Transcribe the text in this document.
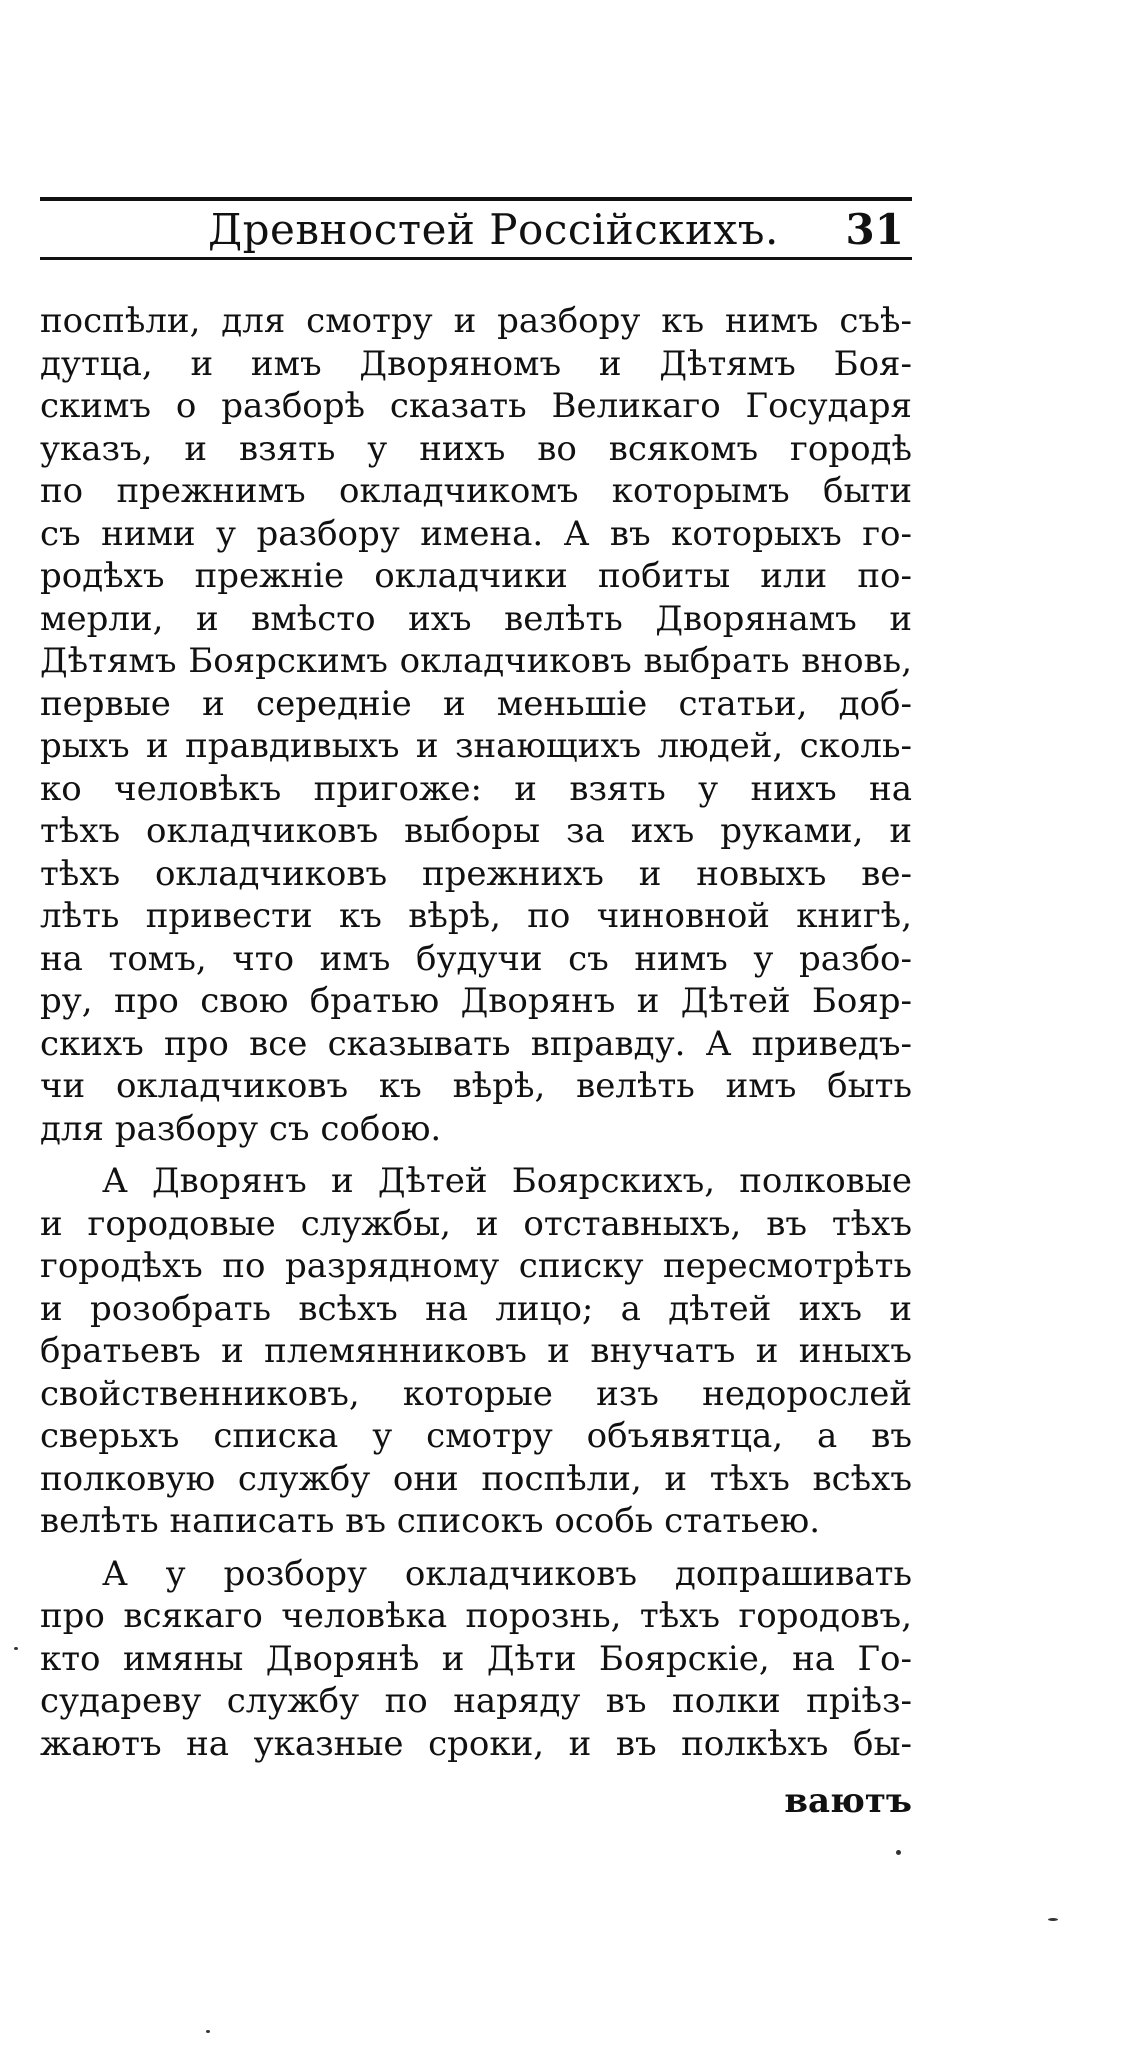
Древностей Россійскихъ. 31
поспѣли, для смотру и разбору къ нимъ съѣ-
дутца, и имъ Дворяномъ и Дѣтямъ Боя-
скимъ о разборѣ сказать Великаго Государя
указъ, и взять у нихъ во всякомъ городѣ
по прежнимъ окладчикомъ которымъ быти
съ ними у разбору имена. А въ которыхъ го-
родѣхъ прежніе окладчики побиты или по-
мерли, и вмѣсто ихъ велѣть Дворянамъ и
Дѣтямъ Боярскимъ окладчиковъ выбрать вновь,
первые и середніе и меньшіе статьи, доб-
рыхъ и правдивыхъ и знающихъ людей, сколь-
ко человѣкъ пригоже: и взять у нихъ на
тѣхъ окладчиковъ выборы за ихъ руками, и
тѣхъ окладчиковъ прежнихъ и новыхъ ве-
лѣть привести къ вѣрѣ, по чиновной книгѣ,
на томъ, что имъ будучи съ нимъ у разбо-
ру, про свою братью Дворянъ и Дѣтей Бояр-
скихъ про все сказывать вправду. А приведъ-
чи окладчиковъ къ вѣрѣ, велѣть имъ быть
для разбору съ собою.
А Дворянъ и Дѣтей Боярскихъ, полковые
и городовые службы, и отставныхъ, въ тѣхъ
городѣхъ по разрядному списку пересмотрѣть
и розобрать всѣхъ на лицо; а дѣтей ихъ и
братьевъ и племянниковъ и внучатъ и иныхъ
свойственниковъ, которые изъ недорослей
сверьхъ списка у смотру объявятца, а въ
полковую службу они поспѣли, и тѣхъ всѣхъ
велѣть написать въ списокъ особь статьею.
А у розбору окладчиковъ допрашивать
про всякаго человѣка порознь, тѣхъ городовъ,
кто имяны Дворянѣ и Дѣти Боярскіе, на Го-
судареву службу по наряду въ полки пріѣз-
жаютъ на указные сроки, и въ полкѣхъ бы-
ваютъ
